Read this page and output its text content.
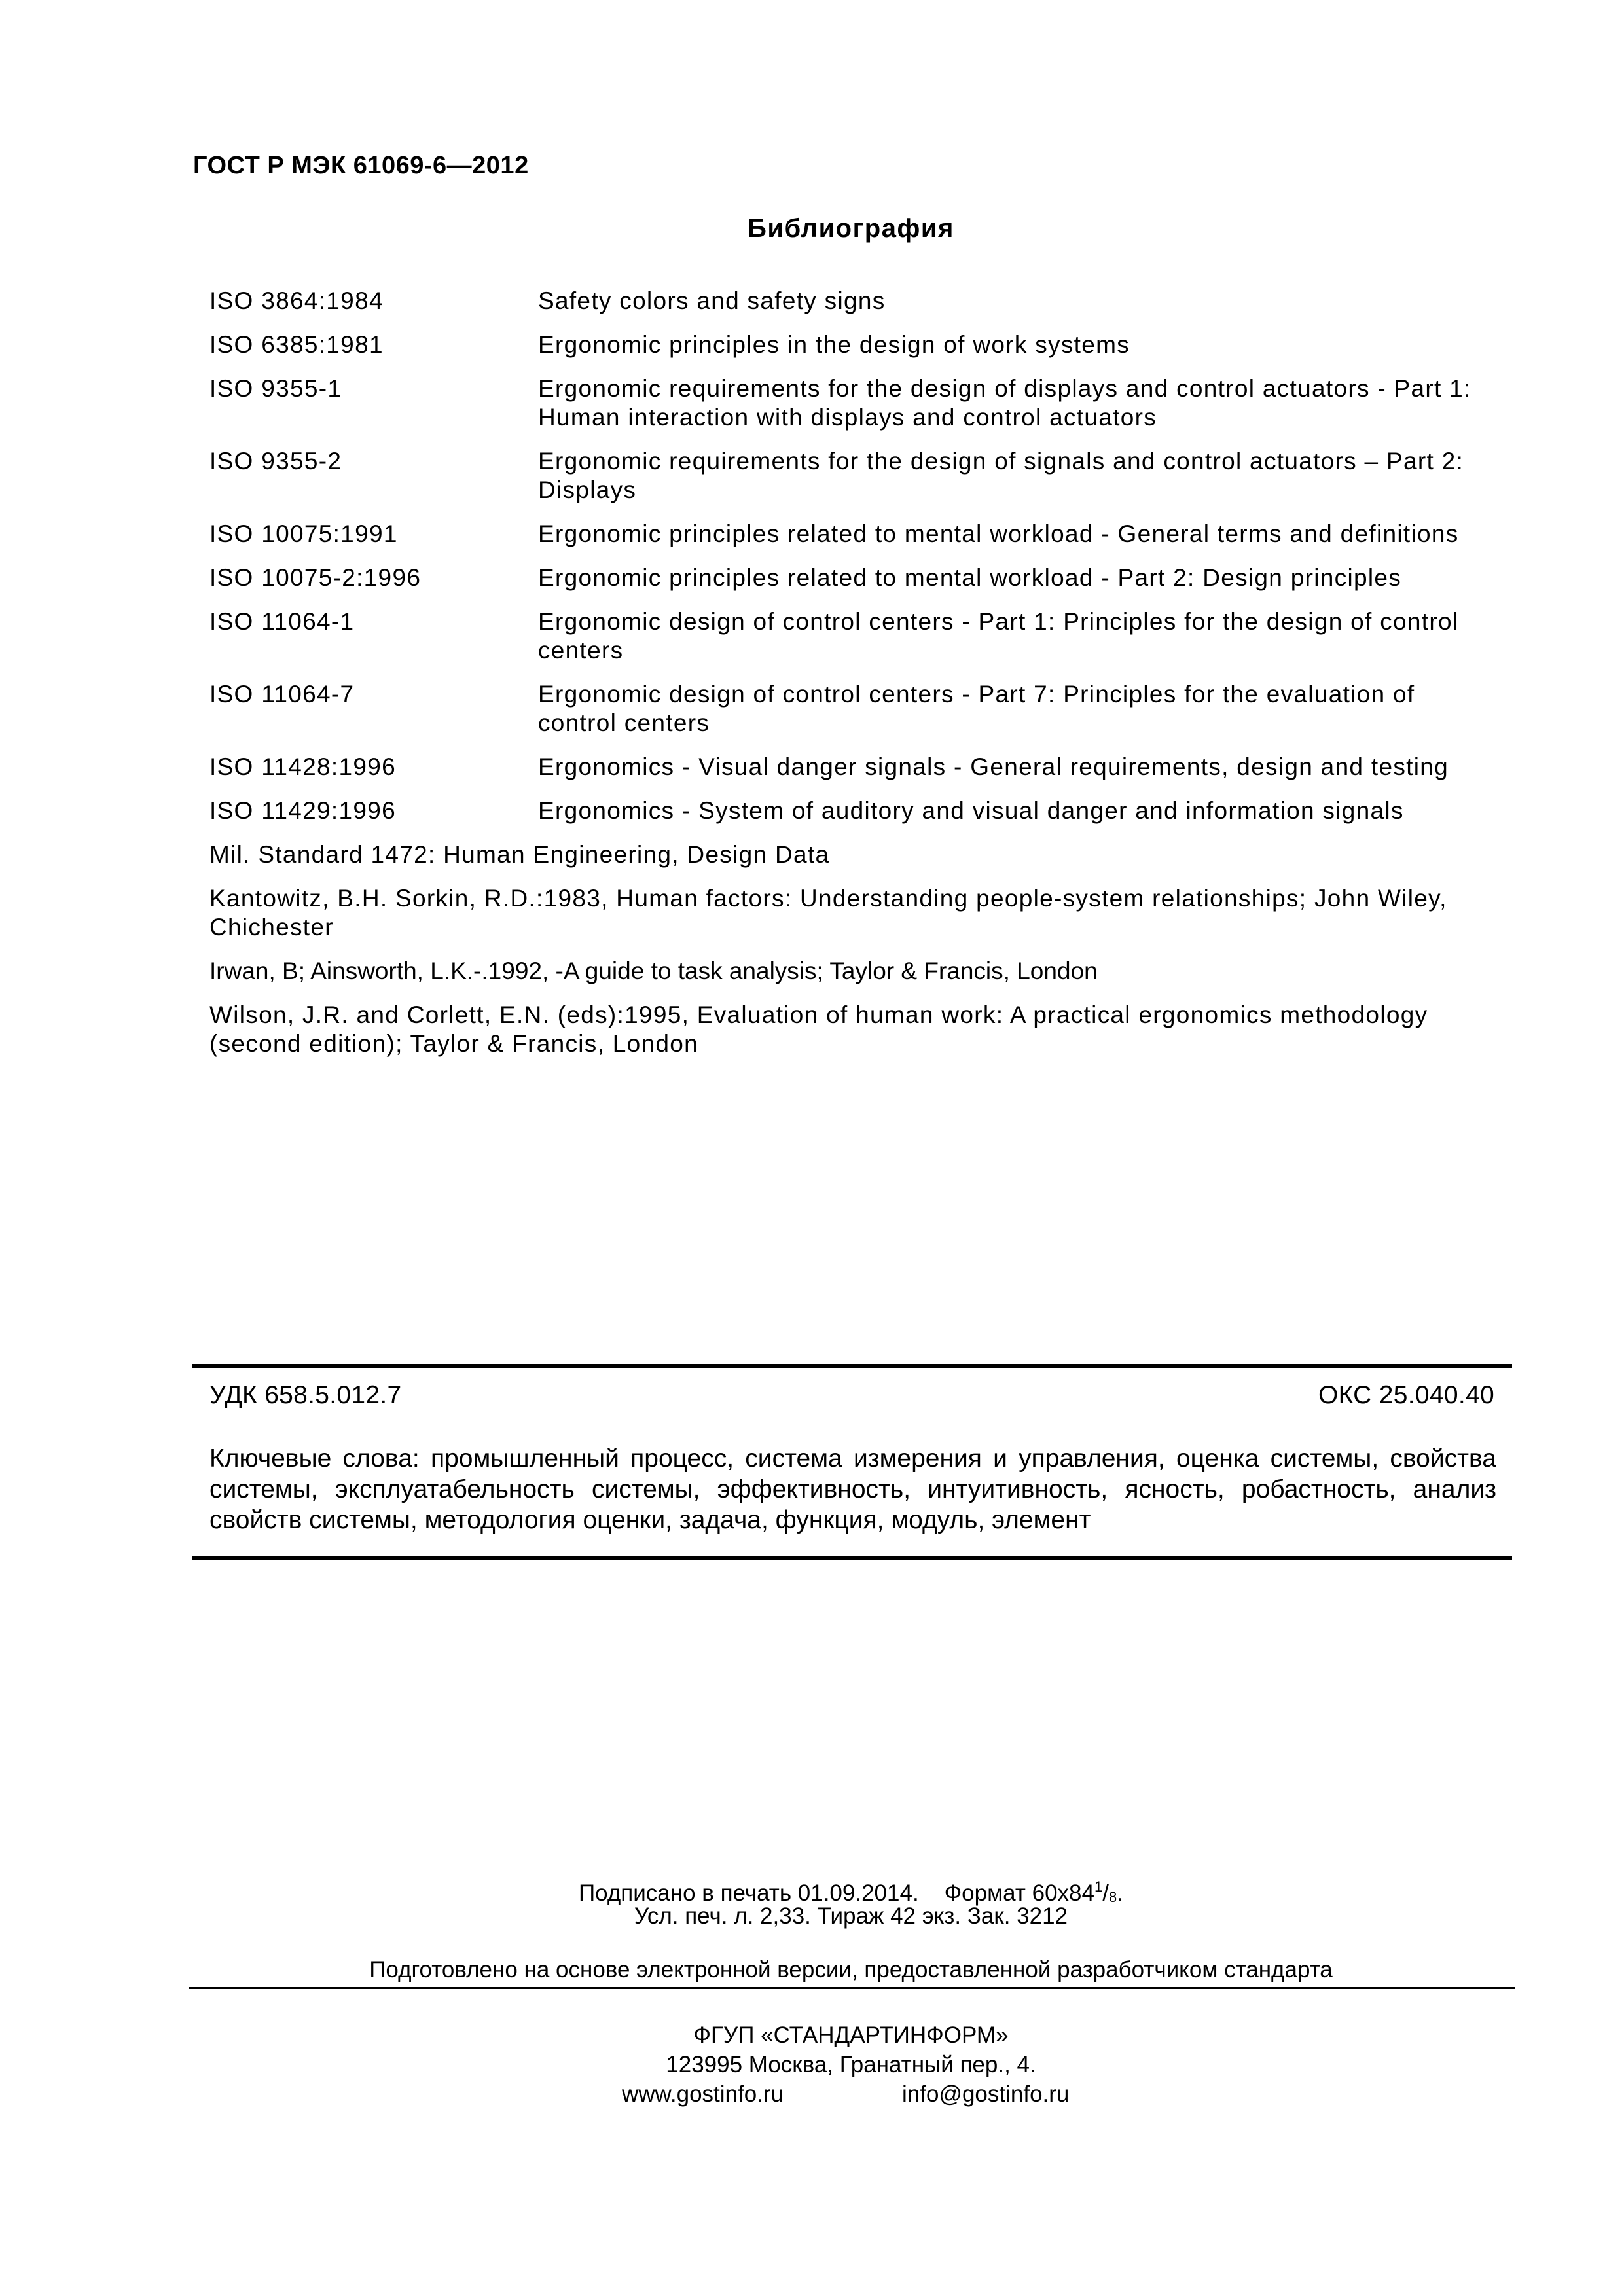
ГОСТ Р МЭК 61069-6—2012
Библиография
ISO 3864:1984	Safety colors and safety signs
ISO 6385:1981	Ergonomic principles in the design of work systems
ISO 9355-1	Ergonomic requirements for the design of displays and control actuators - Part 1: Human interaction with displays and control actuators
ISO 9355-2	Ergonomic requirements for the design of signals and control actuators – Part 2: Displays
ISO 10075:1991	Ergonomic principles related to mental workload - General terms and definitions
ISO 10075-2:1996	Ergonomic principles related to mental workload - Part 2: Design principles
ISO 11064-1	Ergonomic design of control centers - Part 1: Principles for the design of control centers
ISO 11064-7	Ergonomic design of control centers - Part 7: Principles for the evaluation of control centers
ISO 11428:1996	Ergonomics - Visual danger signals - General requirements, design and testing
ISO 11429:1996	Ergonomics - System of auditory and visual danger and information signals
Mil. Standard 1472: Human Engineering, Design Data
Kantowitz, B.H. Sorkin, R.D.:1983, Human factors: Understanding people-system relationships; John Wiley, Chichester
Irwan, B; Ainsworth, L.K.-.1992, -A guide to task analysis; Taylor & Francis, London
Wilson, J.R. and Corlett, E.N. (eds):1995, Evaluation of human work: A practical ergonomics methodology (second edition); Taylor & Francis, London
УДК 658.5.012.7	ОКС 25.040.40
Ключевые слова: промышленный процесс, система измерения и управления, оценка системы, свойства системы, эксплуатабельность системы, эффективность, интуитивность, ясность, робастность, анализ свойств системы, методология оценки, задача, функция, модуль, элемент
Подписано в печать 01.09.2014. Формат $60х84^1/_8$.
Усл. печ. л. 2,33. Тираж 42 экз. Зак. 3212
Подготовлено на основе электронной версии, предоставленной разработчиком стандарта
ФГУП «СТАНДАРТИНФОРМ»
123995 Москва, Гранатный пер., 4.
www.gostinfo.ru	info@gostinfo.ru
